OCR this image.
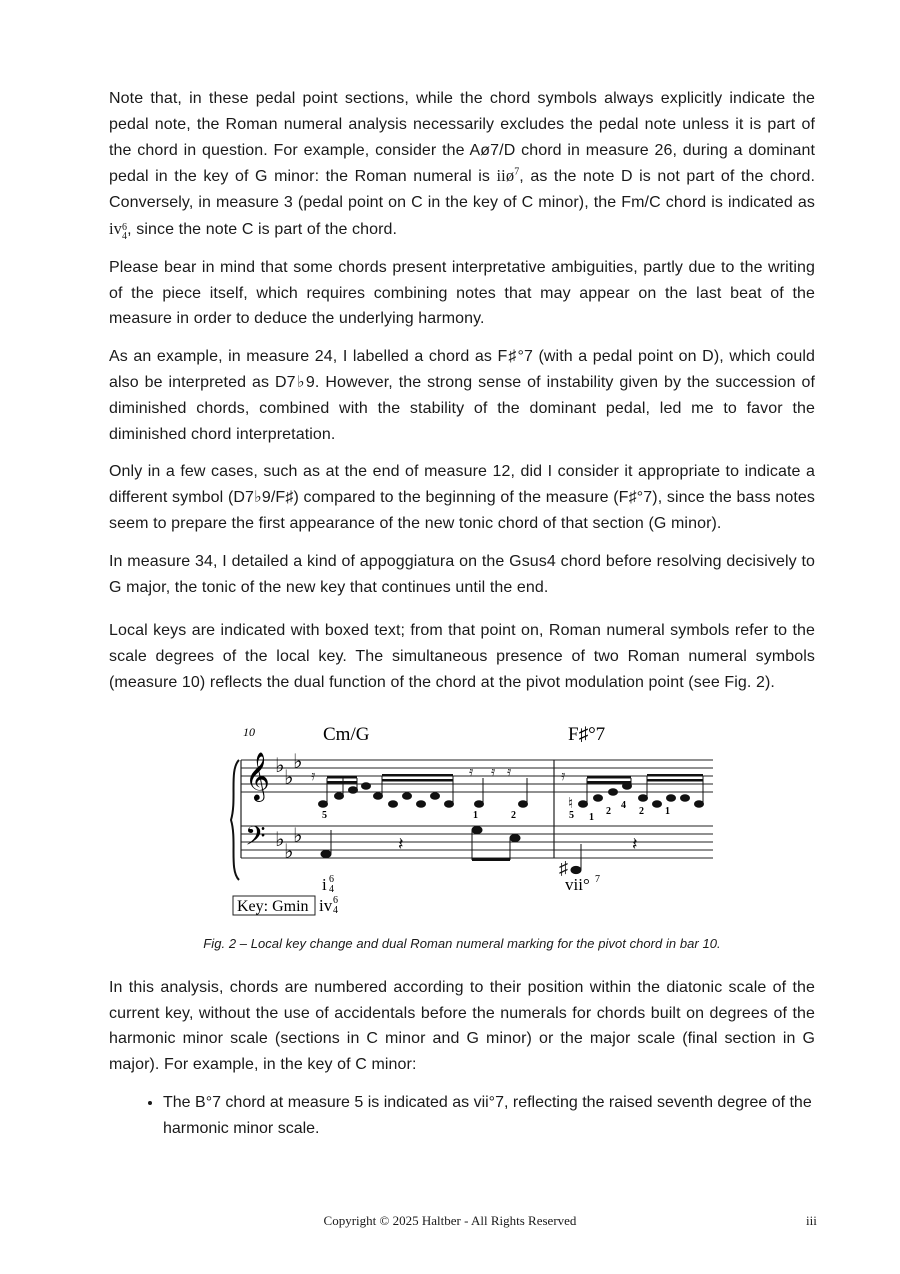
Note that, in these pedal point sections, while the chord symbols always explicitly indicate the pedal note, the Roman numeral analysis necessarily excludes the pedal note unless it is part of the chord in question. For example, consider the Aø7/D chord in measure 26, during a dominant pedal in the key of G minor: the Roman numeral is iiø$^7$, as the note D is not part of the chord. Conversely, in measure 3 (pedal point on C in the key of C minor), the Fm/C chord is indicated as iv 6
4 , since the note C is part of the chord.

Please bear in mind that some chords present interpretative ambiguities, partly due to the writing of the piece itself, which requires combining notes that may appear on the last beat of the measure in order to deduce the underlying harmony.

As an example, in measure 24, I labelled a chord as F♯°7 (with a pedal point on D), which could also be interpreted as D7♭9. However, the strong sense of instability given by the succession of diminished chords, combined with the stability of the dominant pedal, led me to favor the diminished chord interpretation.

Only in a few cases, such as at the end of measure 12, did I consider it appropriate to indicate a different symbol (D7♭9/F♯) compared to the beginning of the measure (F♯°7), since the bass notes seem to prepare the first appearance of the new tonic chord of that section (G minor).

In measure 34, I detailed a kind of appoggiatura on the Gsus4 chord before resolving decisively to G major, the tonic of the new key that continues until the end.

Local keys are indicated with boxed text; from that point on, Roman numeral symbols refer to the scale degrees of the local key. The simultaneous presence of two Roman numeral symbols (measure 10) reflects the dual function of the chord at the pivot modulation point (see Fig. 2).

10	Cm/G	F♯°7
𝄞
𝄢
♭
♭
♭
♭
♭
♭
𝄿	𝄿 𝄿 𝄿	𝄿
♮
1
2
4
2 1
𝄽
♯
𝄽
5	1	2	5
i 6
4
Key: Gmin iv 6
4
vii° 7

Fig. 2 – Local key change and dual Roman numeral marking for the pivot chord in bar 10.

In this analysis, chords are numbered according to their position within the diatonic scale of the current key, without the use of accidentals before the numerals for chords built on degrees of the harmonic minor scale (sections in C minor and G minor) or the major scale (final section in G major). For example, in the key of C minor:

• The B°7 chord at measure 5 is indicated as vii°7, reflecting the raised seventh degree of the harmonic minor scale.
Copyright © 2025 Haltber - All Rights Reserved	iii
